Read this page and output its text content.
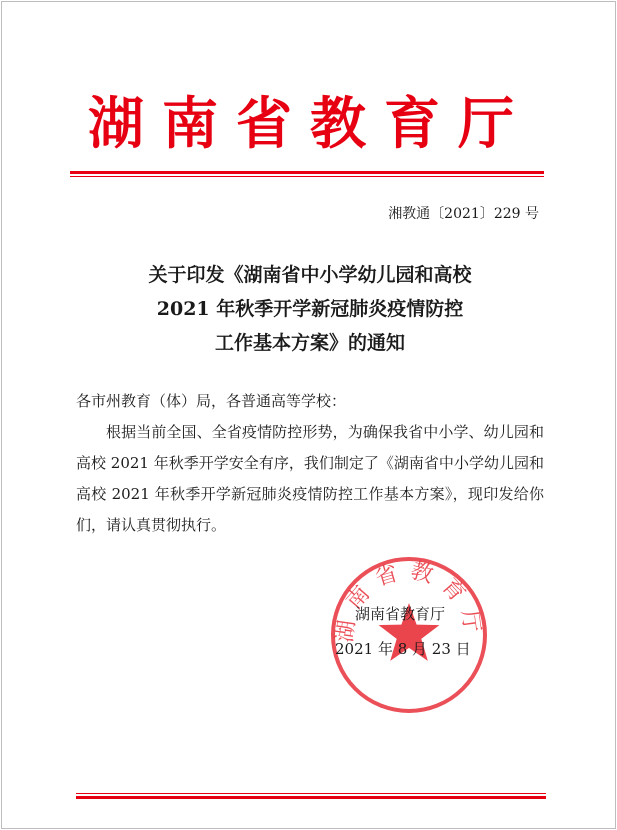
湖南省教育厅
湘教通〔2021〕229 号
关于印发《湖南省中小学幼儿园和高校
2021 年秋季开学新冠肺炎疫情防控
工作基本方案》的通知
各市州教育（体）局，各普通高等学校：
根据当前全国、全省疫情防控形势，为确保我省中小学、幼儿园和高校 2021 年秋季开学安全有序，我们制定了《湖南省中小学幼儿园和高校 2021 年秋季开学新冠肺炎疫情防控工作基本方案》，现印发给你们，请认真贯彻执行。
湖南省教育厅
湖南省教育厅
2021 年 8 月 23 日
